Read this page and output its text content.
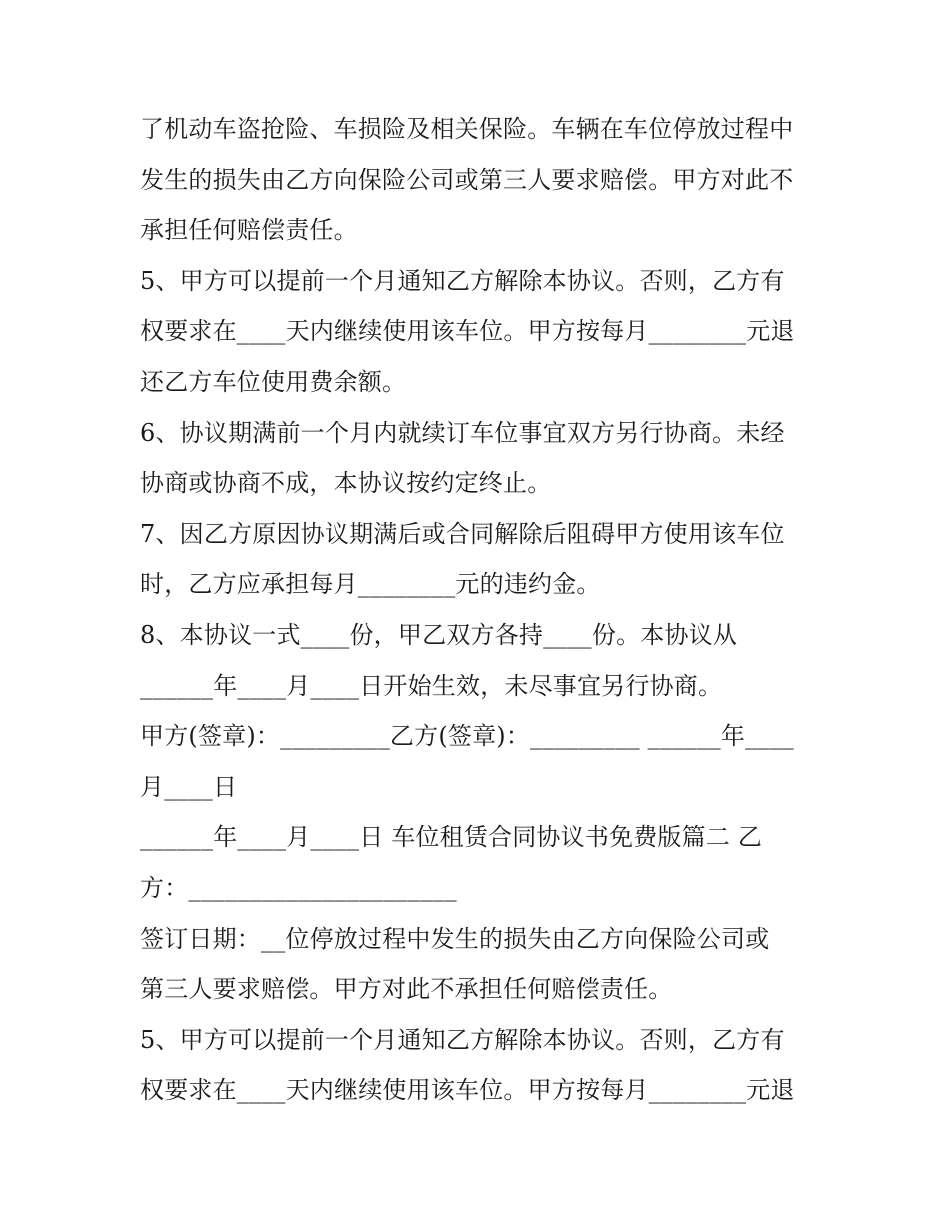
了机动车盗抢险、车损险及相关保险。车辆在车位停放过程中
发生的损失由乙方向保险公司或第三人要求赔偿。甲方对此不
承担任何赔偿责任。
5、甲方可以提前一个月通知乙方解除本协议。否则，乙方有
权要求在____天内继续使用该车位。甲方按每月________元退
还乙方车位使用费余额。
6、协议期满前一个月内就续订车位事宜双方另行协商。未经
协商或协商不成，本协议按约定终止。
7、因乙方原因协议期满后或合同解除后阻碍甲方使用该车位
时，乙方应承担每月________元的违约金。
8、本协议一式____份，甲乙双方各持____份。本协议从
______年____月____日开始生效，未尽事宜另行协商。
甲方(签章)：_________乙方(签章)：_________ ______年____
月____日
______年____月____日 车位租赁合同协议书免费版篇二 乙
方：______________________
签订日期：__位停放过程中发生的损失由乙方向保险公司或
第三人要求赔偿。甲方对此不承担任何赔偿责任。
5、甲方可以提前一个月通知乙方解除本协议。否则，乙方有
权要求在____天内继续使用该车位。甲方按每月________元退
